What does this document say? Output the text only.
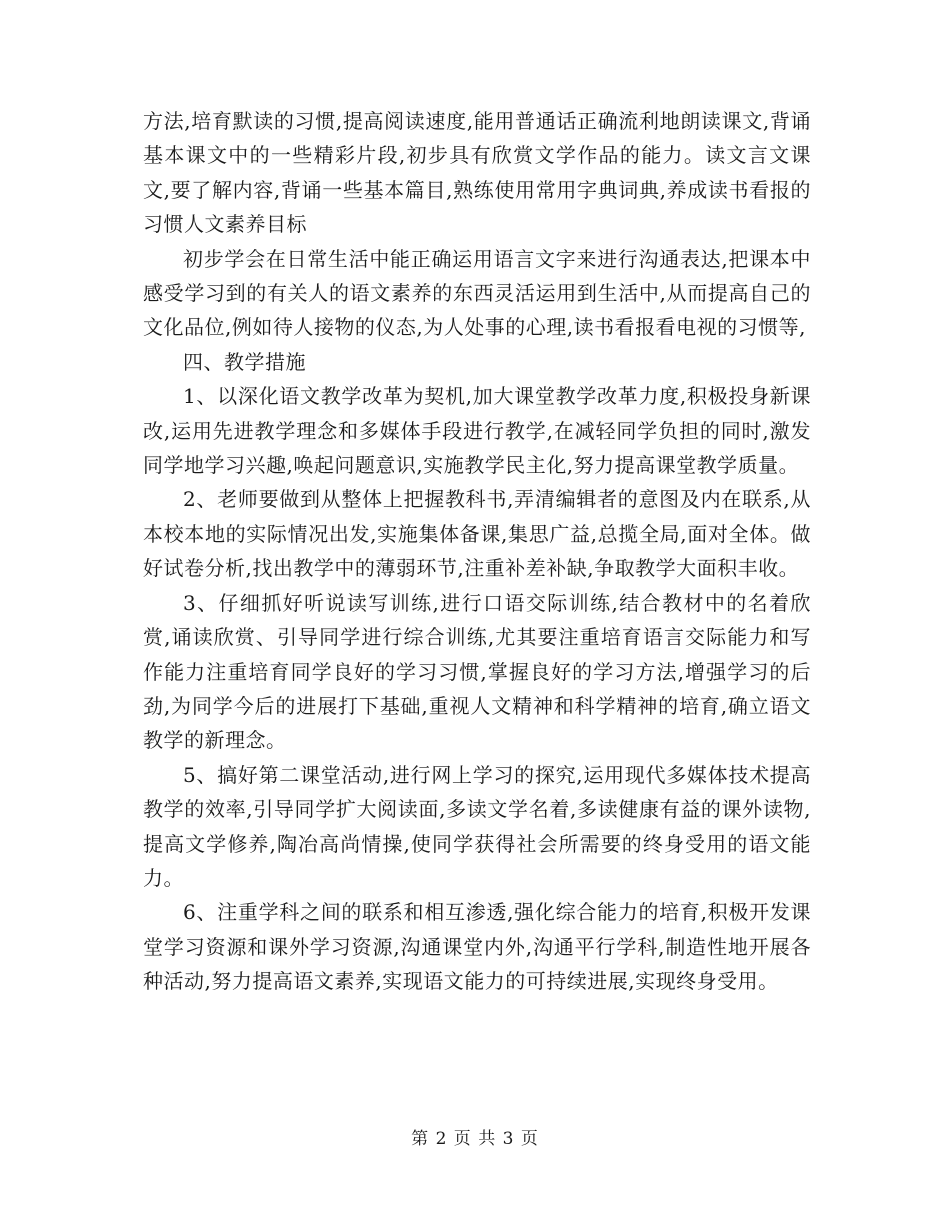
方法,培育默读的习惯,提高阅读速度,能用普通话正确流利地朗读课文,背诵基本课文中的一些精彩片段,初步具有欣赏文学作品的能力。读文言文课文,要了解内容,背诵一些基本篇目,熟练使用常用字典词典,养成读书看报的习惯人文素养目标

初步学会在日常生活中能正确运用语言文字来进行沟通表达,把课本中感受学习到的有关人的语文素养的东西灵活运用到生活中,从而提高自己的文化品位,例如待人接物的仪态,为人处事的心理,读书看报看电视的习惯等,

四、教学措施

1、以深化语文教学改革为契机,加大课堂教学改革力度,积极投身新课改,运用先进教学理念和多媒体手段进行教学,在减轻同学负担的同时,激发同学地学习兴趣,唤起问题意识,实施教学民主化,努力提高课堂教学质量。

2、老师要做到从整体上把握教科书,弄清编辑者的意图及内在联系,从本校本地的实际情况出发,实施集体备课,集思广益,总揽全局,面对全体。做好试卷分析,找出教学中的薄弱环节,注重补差补缺,争取教学大面积丰收。

3、仔细抓好听说读写训练,进行口语交际训练,结合教材中的名着欣赏,诵读欣赏、引导同学进行综合训练,尤其要注重培育语言交际能力和写作能力注重培育同学良好的学习习惯,掌握良好的学习方法,增强学习的后劲,为同学今后的进展打下基础,重视人文精神和科学精神的培育,确立语文教学的新理念。

5、搞好第二课堂活动,进行网上学习的探究,运用现代多媒体技术提高教学的效率,引导同学扩大阅读面,多读文学名着,多读健康有益的课外读物,提高文学修养,陶冶高尚情操,使同学获得社会所需要的终身受用的语文能力。

6、注重学科之间的联系和相互渗透,强化综合能力的培育,积极开发课堂学习资源和课外学习资源,沟通课堂内外,沟通平行学科,制造性地开展各种活动,努力提高语文素养,实现语文能力的可持续进展,实现终身受用。

第 2 页 共 3 页
